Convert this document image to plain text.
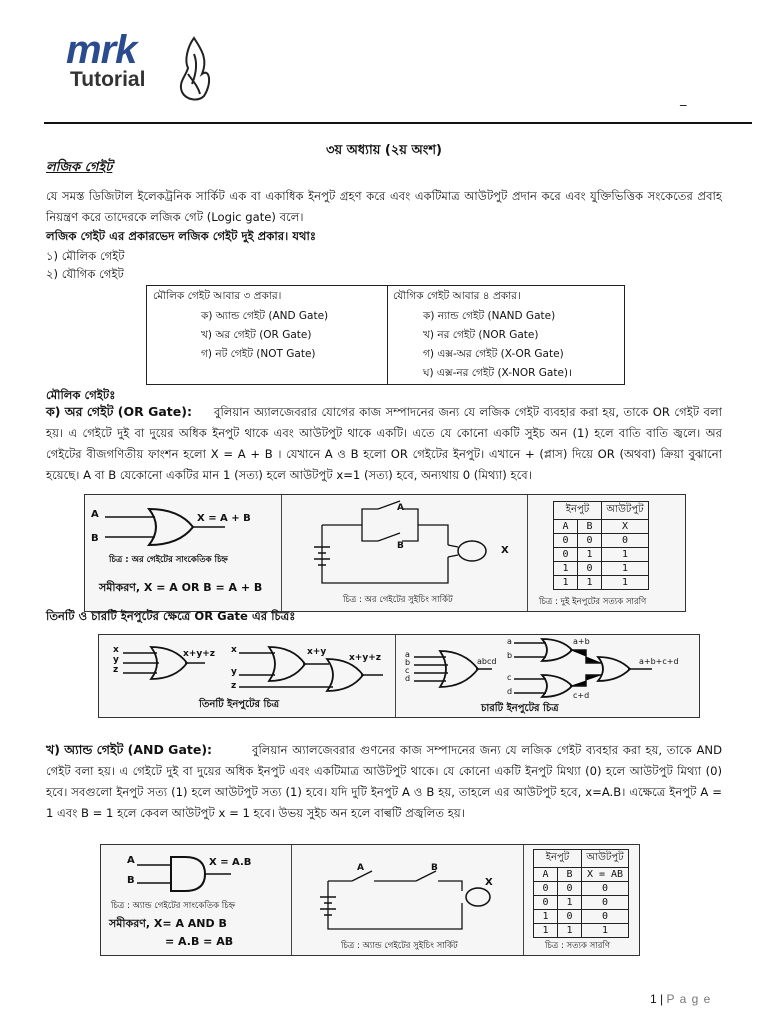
mrk
Tutorial
_
৩য় অধ্যায় (২য় অংশ)
লজিক গেইট

যে সমস্ত ডিজিটাল ইলেকট্রনিক সার্কিট এক বা একাধিক ইনপুট গ্রহণ করে এবং একটিমাত্র আউটপুট প্রদান করে এবং যুক্তিভিত্তিক সংকেতের প্রবাহ নিয়ন্ত্রণ করে তাদেরকে লজিক গেট (Logic gate) বলে।

লজিক গেইট এর প্রকারভেদ লজিক গেইট দুই প্রকার। যথাঃ
১) মৌলিক গেইট
২) যৌগিক গেইট
মৌলিক গেইট আবার ৩ প্রকার।
ক) অ্যান্ড গেইট (AND Gate)
খ) অর গেইট (OR Gate)
গ) নট গেইট (NOT Gate)
যৌগিক গেইট আবার ৪ প্রকার।
ক) ন্যান্ড গেইট (NAND Gate)
খ) নর গেইট (NOR Gate)
গ) এক্স-অর গেইট (X-OR Gate)
ঘ) এক্স-নর গেইট (X-NOR Gate)।
মৌলিক গেইটঃ
ক) অর গেইট (OR Gate):	বুলিয়ান অ্যালজেবরার যোগের কাজ সম্পাদনের জন্য যে লজিক গেইট ব্যবহার করা হয়, তাকে OR গেইট বলা হয়। এ গেইটে দুই বা দুয়ের অধিক ইনপুট থাকে এবং আউটপুট থাকে একটি। এতে যে কোনো একটি সুইচ অন (1) হলে বাতি বাতি জ্বলে। অর গেইটের বীজগণিতীয় ফাংশন হলো X = A + B । যেখানে A ও B হলো OR গেইটের ইনপুট। এখানে + (প্লাস) দিয়ে OR (অথবা) ক্রিয়া বুঝানো হয়েছে। A বা B যেকোনো একটির মান 1 (সত্য) হলে আউটপুট x=1 (সত্য) হবে, অন্যথায় 0 (মিথ্যা) হবে।

A
B
X = A + B
চিত্র : অর গেইটের সাংকেতিক চিহ্ন
সমীকরণ, X = A OR B = A + B
A
B	X
চিত্র : অর গেইটের সুইচিং সার্কিট
ইনপুট		আউটপুট
A	B	X
0	0	0
0	1	1
1	0	1
1	1	1
চিত্র : দুই ইনপুটের সত্যক সারণি
তিনটি ও চারটি ইনপুটের ক্ষেত্রে OR Gate এর চিত্রঃ
x
y
z
x+y+z x
y
z
x+y
x+y+z
তিনটি ইনপুটের চিত্র
a
b
c
d
abcd
a
b
c
d
a+b
c+d
a+b+c+d
চারটি ইনপুটের চিত্র
খ) অ্যান্ড গেইট (AND Gate):	বুলিয়ান অ্যালজেবরার গুণনের কাজ সম্পাদনের জন্য যে লজিক গেইট ব্যবহার করা হয়, তাকে AND গেইট বলা হয়। এ গেইটে দুই বা দুয়ের অধিক ইনপুট এবং একটিমাত্র আউটপুট থাকে। যে কোনো একটি ইনপুট মিথ্যা (0) হলে আউটপুট মিথ্যা (0) হবে। সবগুলো ইনপুট সত্য (1) হলে আউটপুট সত্য (1) হবে। যদি দুটি ইনপুট A ও B হয়, তাহলে এর আউটপুট হবে, x=A.B। এক্ষেত্রে ইনপুট A = 1 এবং B = 1 হলে কেবল আউটপুট x = 1 হবে। উভয় সুইচ অন হলে বাল্বটি প্রজ্বলিত হয়।

A
B
X = A.B
চিত্র : অ্যান্ড গেইটের সাংকেতিক চিহ্ন
সমীকরণ, X= A AND B
= A.B = AB
A	B
X
চিত্র : অ্যান্ড গেইটের সুইচিং সার্কিট
ইনপুট		আউটপুট
A	B	X = AB
0	0	0
0	1	0
1	0	0
1	1	1
চিত্র : সত্যক সারণি
1 | P a g e
